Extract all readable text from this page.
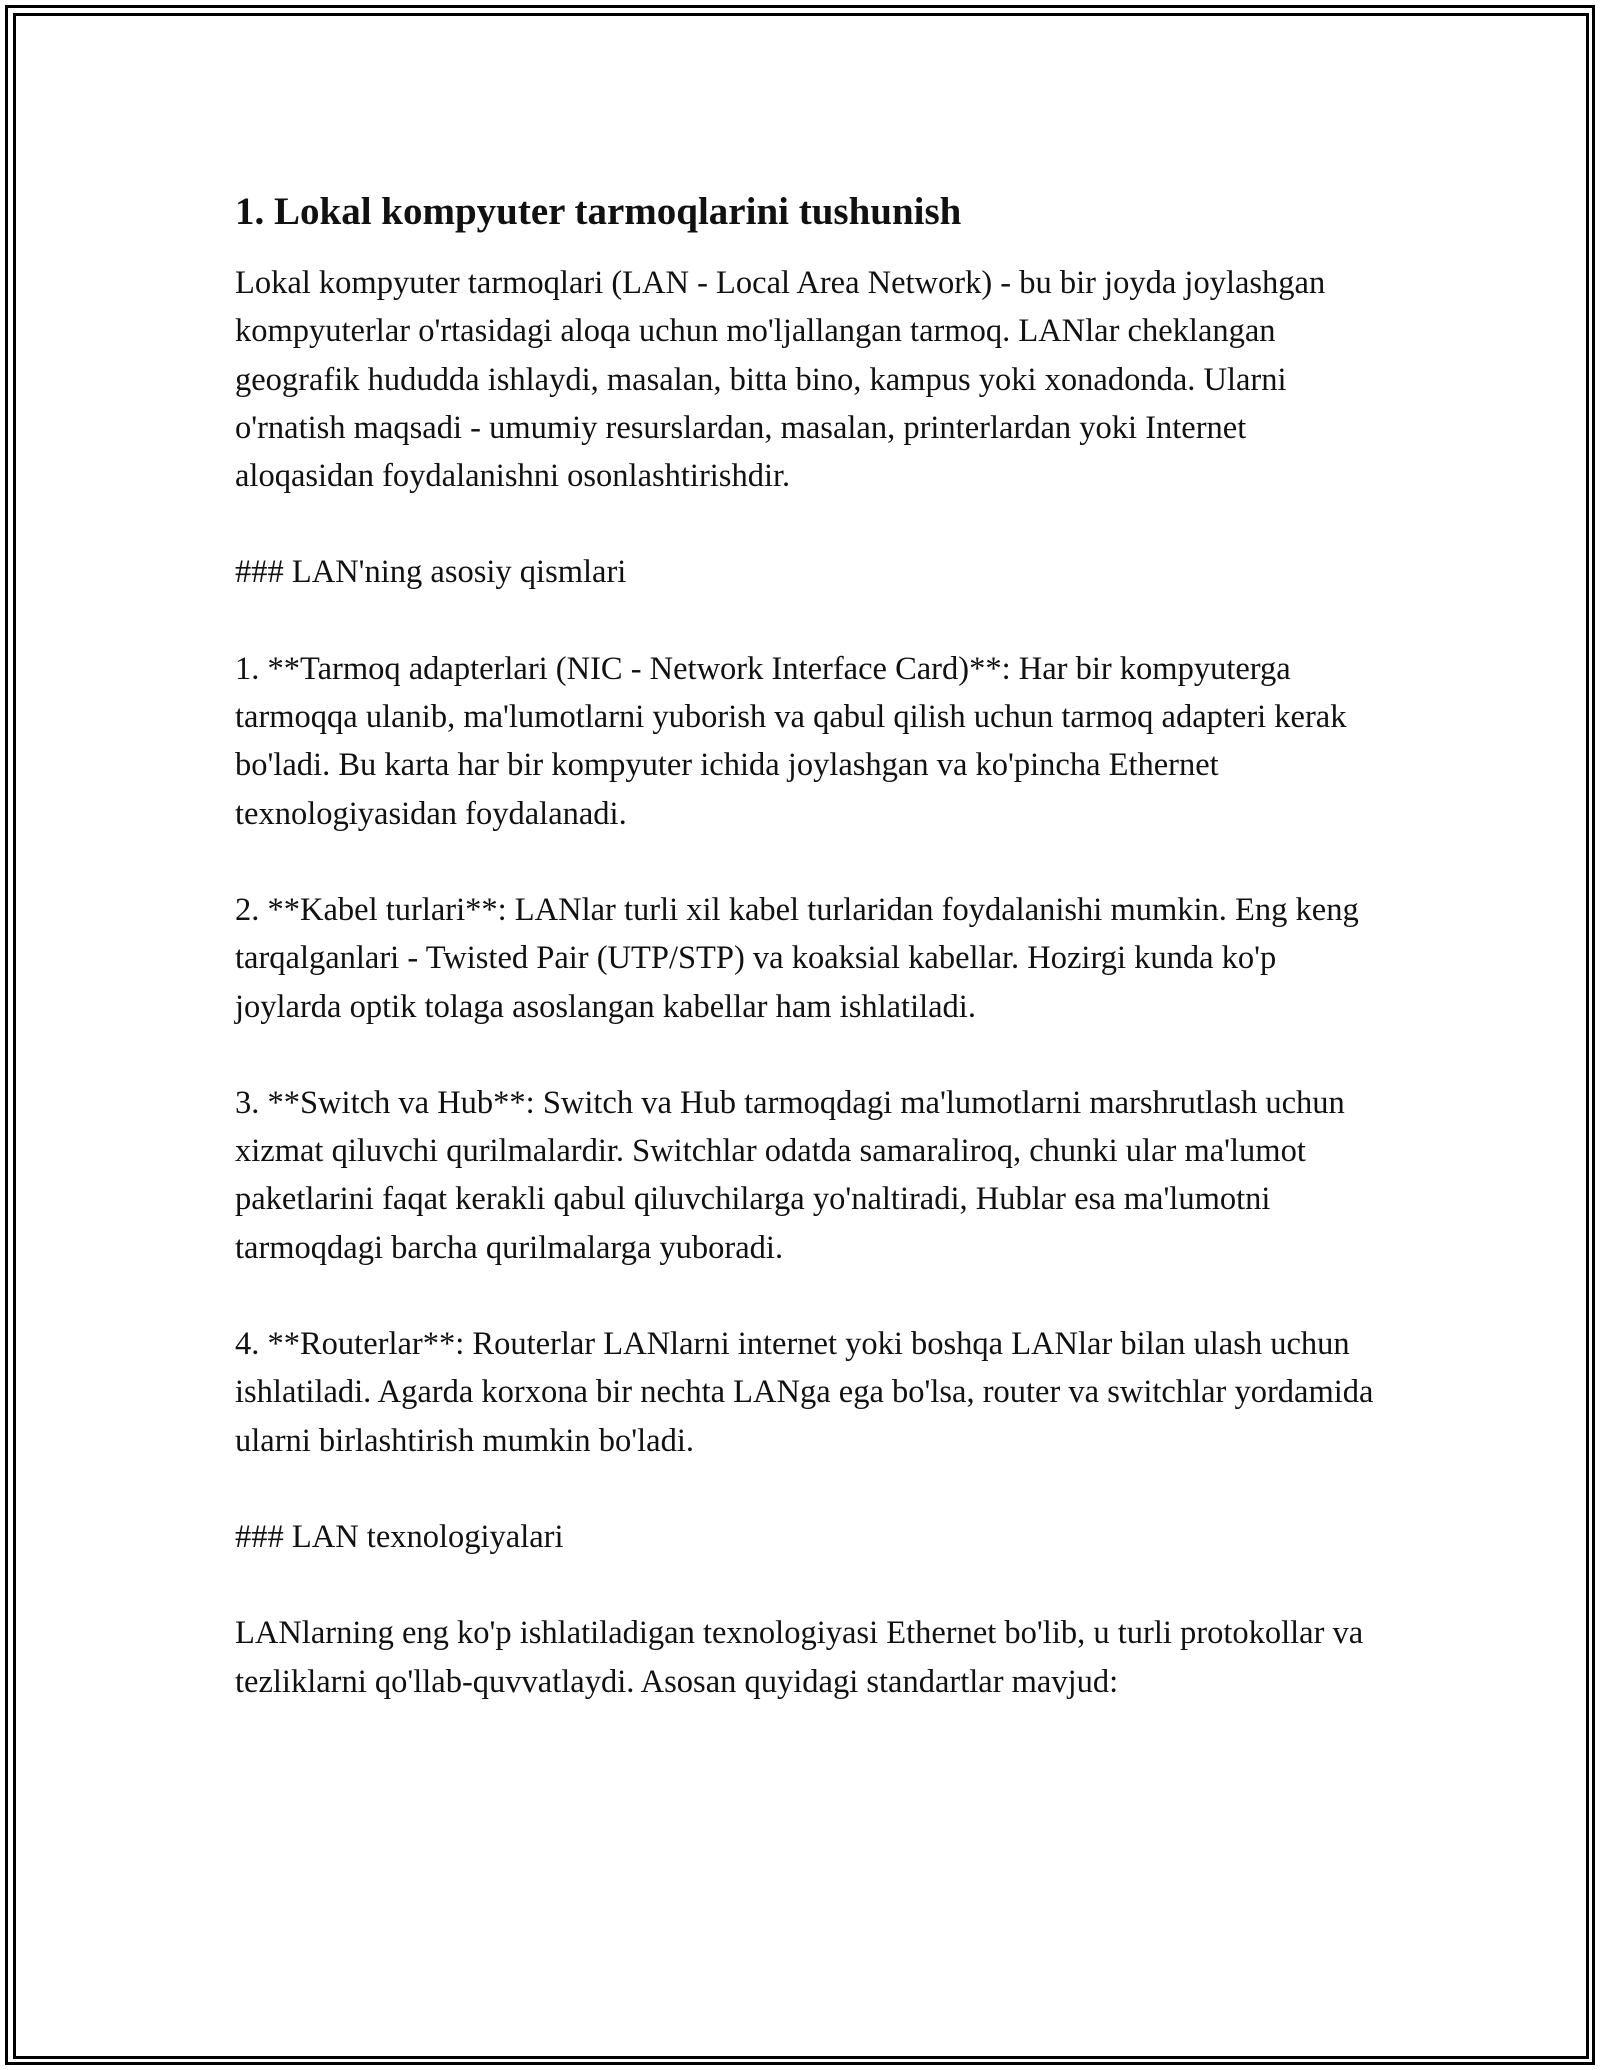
1. Lokal kompyuter tarmoqlarini tushunish

Lokal kompyuter tarmoqlari (LAN - Local Area Network) - bu bir joyda joylashgan kompyuterlar o'rtasidagi aloqa uchun mo'ljallangan tarmoq. LANlar cheklangan geografik hududda ishlaydi, masalan, bitta bino, kampus yoki xonadonda. Ularni o'rnatish maqsadi - umumiy resurslardan, masalan, printerlardan yoki Internet aloqasidan foydalanishni osonlashtirishdir.

### LAN'ning asosiy qismlari

1. **Tarmoq adapterlari (NIC - Network Interface Card)**: Har bir kompyuterga tarmoqqa ulanib, ma'lumotlarni yuborish va qabul qilish uchun tarmoq adapteri kerak bo'ladi. Bu karta har bir kompyuter ichida joylashgan va ko'pincha Ethernet texnologiyasidan foydalanadi.

2. **Kabel turlari**: LANlar turli xil kabel turlaridan foydalanishi mumkin. Eng keng tarqalganlari - Twisted Pair (UTP/STP) va koaksial kabellar. Hozirgi kunda ko'p joylarda optik tolaga asoslangan kabellar ham ishlatiladi.

3. **Switch va Hub**: Switch va Hub tarmoqdagi ma'lumotlarni marshrutlash uchun xizmat qiluvchi qurilmalardir. Switchlar odatda samaraliroq, chunki ular ma'lumot paketlarini faqat kerakli qabul qiluvchilarga yo'naltiradi, Hublar esa ma'lumotni tarmoqdagi barcha qurilmalarga yuboradi.

4. **Routerlar**: Routerlar LANlarni internet yoki boshqa LANlar bilan ulash uchun ishlatiladi. Agarda korxona bir nechta LANga ega bo'lsa, router va switchlar yordamida ularni birlashtirish mumkin bo'ladi.

### LAN texnologiyalari

LANlarning eng ko'p ishlatiladigan texnologiyasi Ethernet bo'lib, u turli protokollar va tezliklarni qo'llab-quvvatlaydi. Asosan quyidagi standartlar mavjud:
